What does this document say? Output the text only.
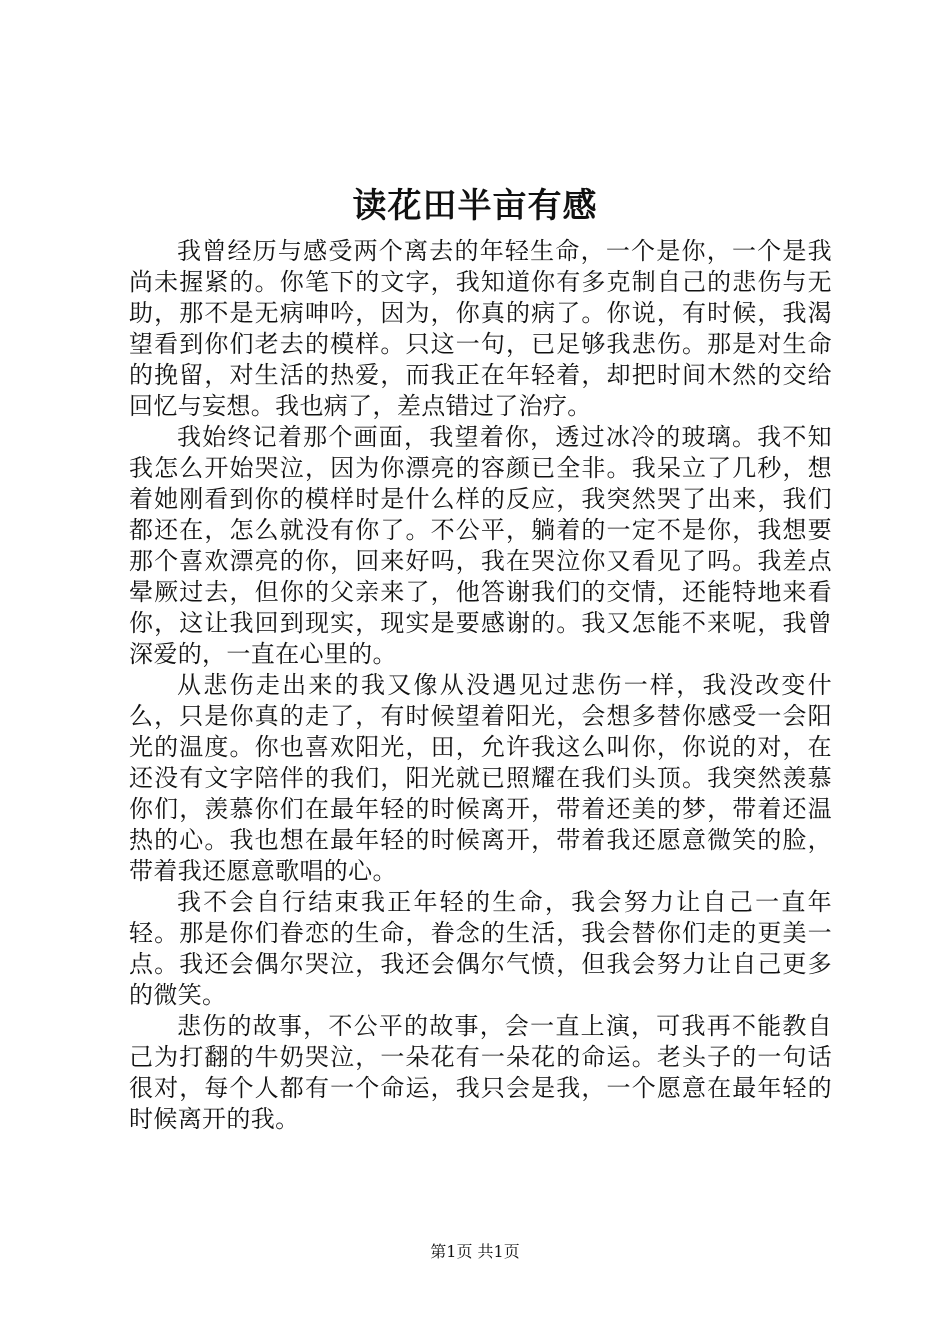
读花田半亩有感

我曾经历与感受两个离去的年轻生命，一个是你，一个是我尚未握紧的。你笔下的文字，我知道你有多克制自己的悲伤与无助，那不是无病呻吟，因为，你真的病了。你说，有时候，我渴望看到你们老去的模样。只这一句，已足够我悲伤。那是对生命的挽留，对生活的热爱，而我正在年轻着，却把时间木然的交给回忆与妄想。我也病了，差点错过了治疗。

我始终记着那个画面，我望着你，透过冰冷的玻璃。我不知我怎么开始哭泣，因为你漂亮的容颜已全非。我呆立了几秒，想着她刚看到你的模样时是什么样的反应，我突然哭了出来，我们都还在，怎么就没有你了。不公平，躺着的一定不是你，我想要那个喜欢漂亮的你，回来好吗，我在哭泣你又看见了吗。我差点晕厥过去，但你的父亲来了，他答谢我们的交情，还能特地来看你，这让我回到现实，现实是要感谢的。我又怎能不来呢，我曾深爱的，一直在心里的。

从悲伤走出来的我又像从没遇见过悲伤一样，我没改变什么，只是你真的走了，有时候望着阳光，会想多替你感受一会阳光的温度。你也喜欢阳光，田，允许我这么叫你，你说的对，在还没有文字陪伴的我们，阳光就已照耀在我们头顶。我突然羡慕你们，羡慕你们在最年轻的时候离开，带着还美的梦，带着还温热的心。我也想在最年轻的时候离开，带着我还愿意微笑的脸，带着我还愿意歌唱的心。

我不会自行结束我正年轻的生命，我会努力让自己一直年轻。那是你们眷恋的生命，眷念的生活，我会替你们走的更美一点。我还会偶尔哭泣，我还会偶尔气愤，但我会努力让自己更多的微笑。

悲伤的故事，不公平的故事，会一直上演，可我再不能教自己为打翻的牛奶哭泣，一朵花有一朵花的命运。老头子的一句话很对，每个人都有一个命运，我只会是我，一个愿意在最年轻的时候离开的我。

第1页 共1页
